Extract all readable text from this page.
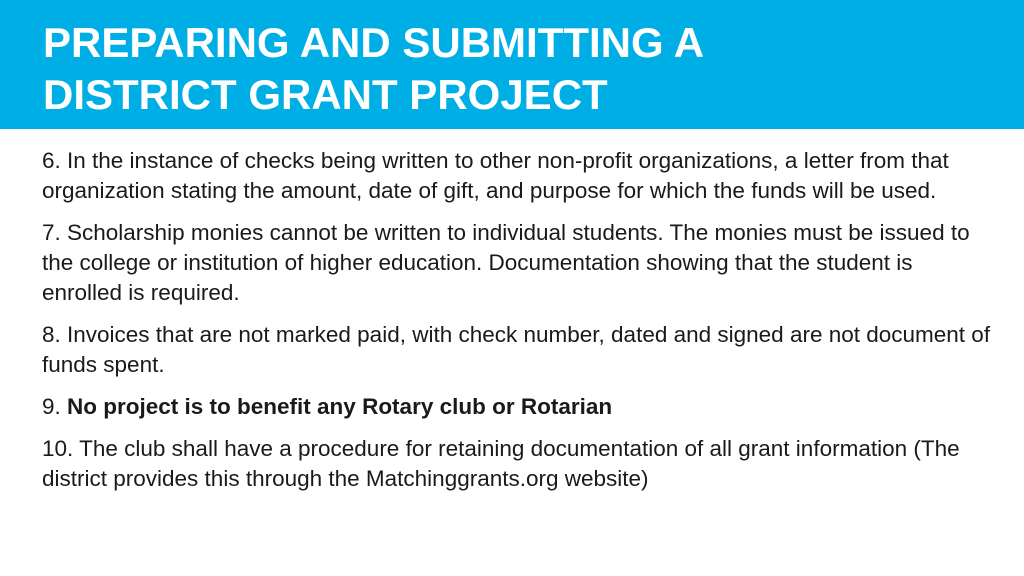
PREPARING AND SUBMITTING A
DISTRICT GRANT PROJECT

6. In the instance of checks being written to other non-profit organizations, a letter from that organization stating the amount, date of gift, and purpose for which the funds will be used.

7. Scholarship monies cannot be written to individual students. The monies must be issued to the college or institution of higher education. Documentation showing that the student is enrolled is required.

8. Invoices that are not marked paid, with check number, dated and signed are not document of funds spent.

9. No project is to benefit any Rotary club or Rotarian

10. The club shall have a procedure for retaining documentation of all grant information (The district provides this through the Matchinggrants.org website)
